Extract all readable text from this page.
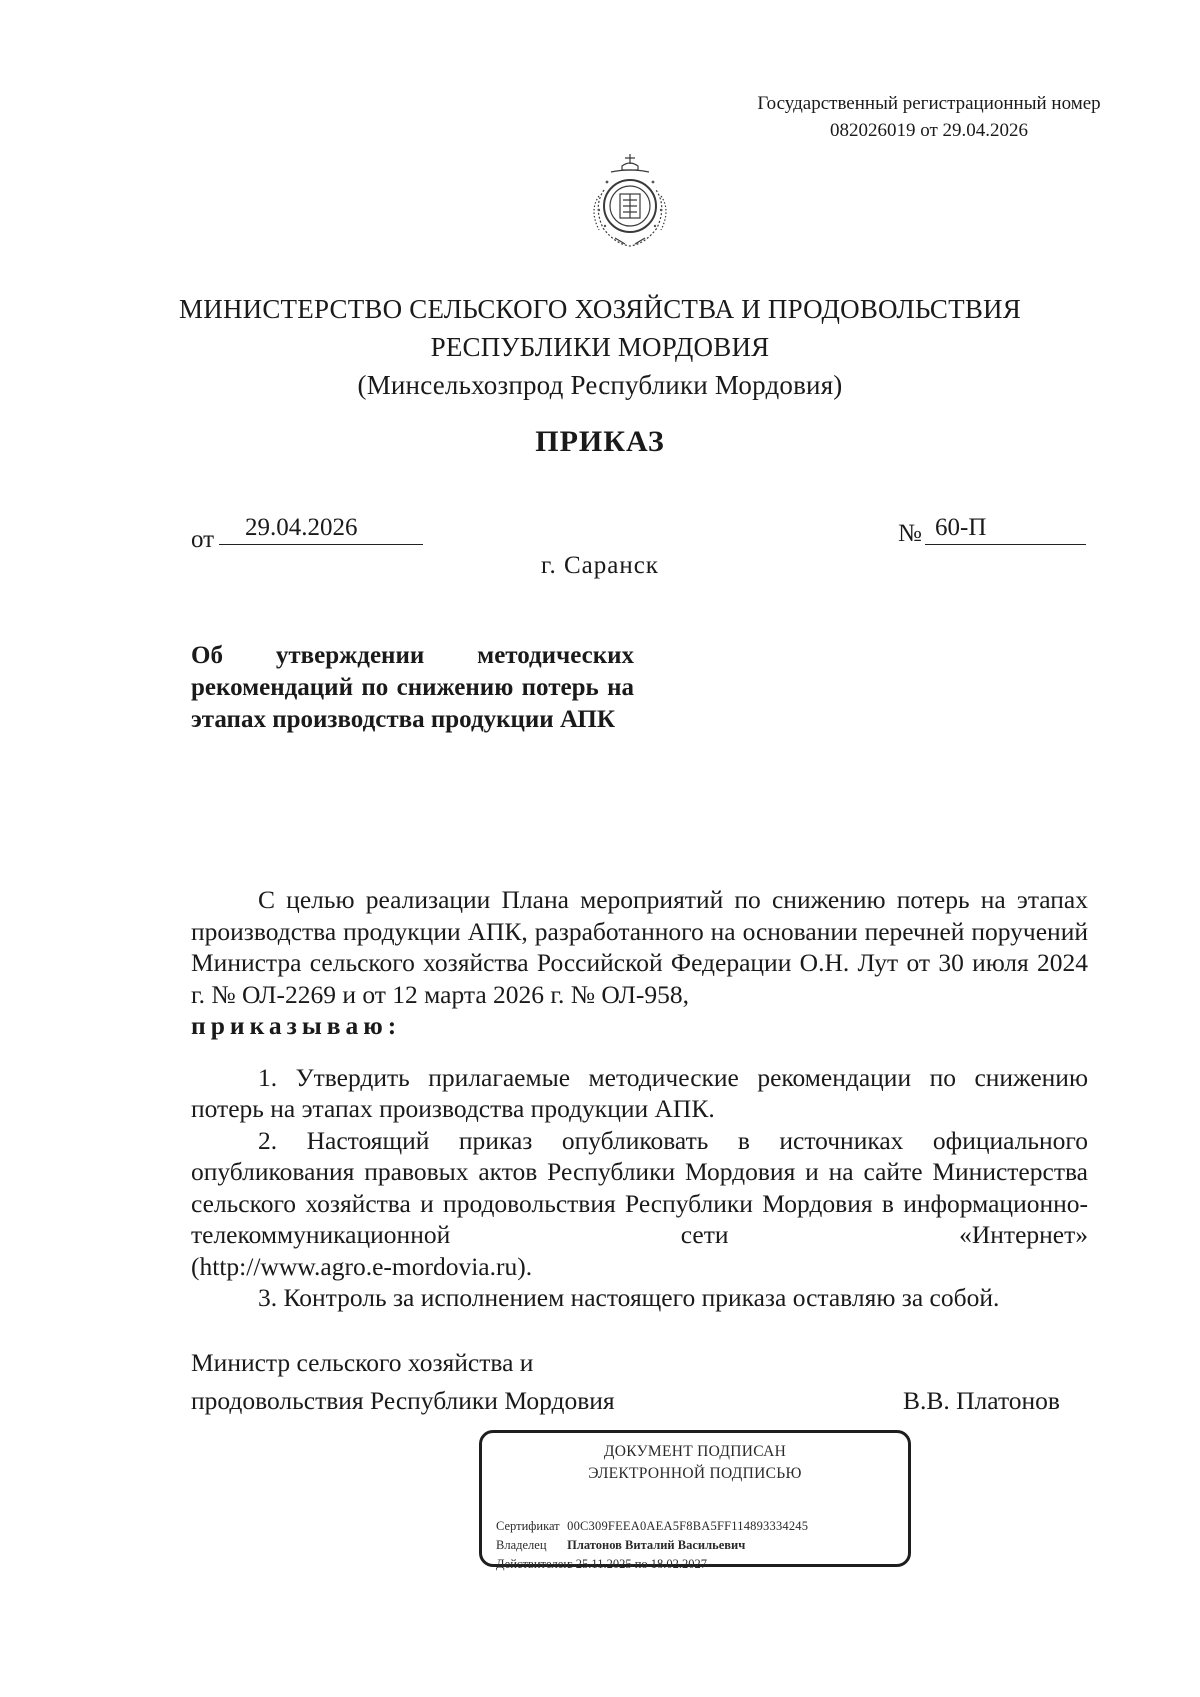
Государственный регистрационный номер
082026019 от 29.04.2026
МИНИСТЕРСТВО СЕЛЬСКОГО ХОЗЯЙСТВА И ПРОДОВОЛЬСТВИЯ
РЕСПУБЛИКИ МОРДОВИЯ
(Минсельхозпрод Республики Мордовия)
ПРИКАЗ
от	29.04.2026	№ 60-П
г. Саранск
Об утверждении методических рекомендаций по снижению потерь на этапах производства продукции АПК

С целью реализации Плана мероприятий по снижению потерь на этапах производства продукции АПК, разработанного на основании перечней поручений Министра сельского хозяйства Российской Федерации О.Н. Лут от 30 июля 2024 г. № ОЛ-2269 и от 12 марта 2026 г. № ОЛ-958,

приказываю:

1. Утвердить прилагаемые методические рекомендации по снижению потерь на этапах производства продукции АПК.

2. Настоящий приказ опубликовать в источниках официального опубликования правовых актов Республики Мордовия и на сайте Министерства сельского хозяйства и продовольствия Республики Мордовия в информационно-телекоммуникационной сети «Интернет»

(http://www.agro.e-mordovia.ru).

3. Контроль за исполнением настоящего приказа оставляю за собой.

Министр сельского хозяйства и
продовольствия Республики Мордовия	В.В. Платонов
ДОКУМЕНТ ПОДПИСАН
ЭЛЕКТРОННОЙ ПОДПИСЬЮ
Сертификат 00C309FEEA0AEA5F8BA5FF114893334245
Владелец Платонов Виталий Васильевич
Действителен с 25.11.2025 по 18.02.2027
